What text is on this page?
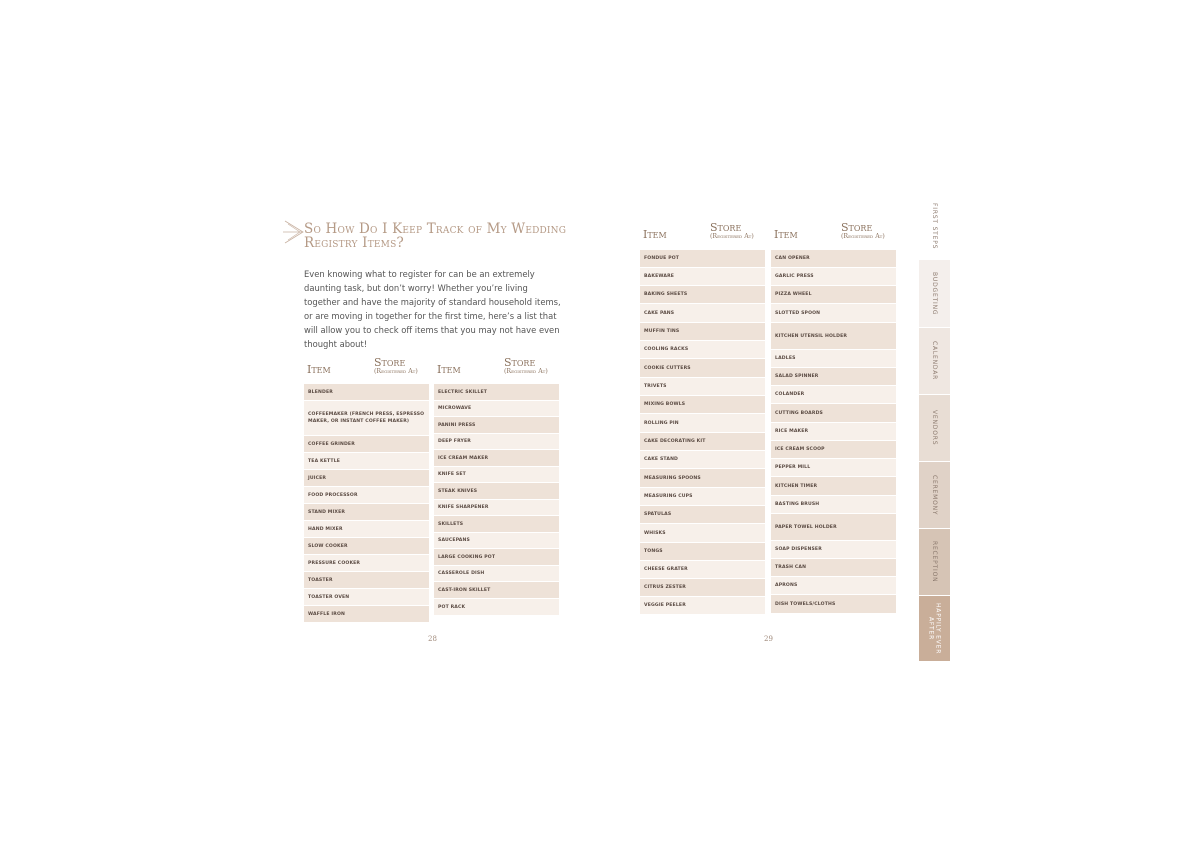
So How Do I Keep Track of My Wedding Registry Items?
Even knowing what to register for can be an extremely daunting task, but don’t worry! Whether you’re living together and have the majority of standard household items, or are moving in together for the first time, here’s a list that will allow you to check off items that you may not have even thought about!
Item
Store
(Registered At)
BLENDER
COFFEEMAKER (FRENCH PRESS, ESPRESSO MAKER, OR INSTANT COFFEE MAKER)
COFFEE GRINDER
TEA KETTLE
JUICER
FOOD PROCESSOR
STAND MIXER
HAND MIXER
SLOW COOKER
PRESSURE COOKER
TOASTER
TOASTER OVEN
WAFFLE IRON
Item
Store
(Registered At)
ELECTRIC SKILLET
MICROWAVE
PANINI PRESS
DEEP FRYER
ICE CREAM MAKER
KNIFE SET
STEAK KNIVES
KNIFE SHARPENER
SKILLETS
SAUCEPANS
LARGE COOKING POT
CASSEROLE DISH
CAST-IRON SKILLET
POT RACK
28
Item
Store
(Registered At)
FONDUE POT
BAKEWARE
BAKING SHEETS
CAKE PANS
MUFFIN TINS
COOLING RACKS
COOKIE CUTTERS
TRIVETS
MIXING BOWLS
ROLLING PIN
CAKE DECORATING KIT
CAKE STAND
MEASURING SPOONS
MEASURING CUPS
SPATULAS
WHISKS
TONGS
CHEESE GRATER
CITRUS ZESTER
VEGGIE PEELER
Item
Store
(Registered At)
CAN OPENER
GARLIC PRESS
PIZZA WHEEL
SLOTTED SPOON
KITCHEN UTENSIL HOLDER
LADLES
SALAD SPINNER
COLANDER
CUTTING BOARDS
RICE MAKER
ICE CREAM SCOOP
PEPPER MILL
KITCHEN TIMER
BASTING BRUSH
PAPER TOWEL HOLDER
SOAP DISPENSER
TRASH CAN
APRONS
DISH TOWELS/CLOTHS
29
FIRST STEPS
BUDGETING
CALENDAR
VENDORS
CEREMONY
RECEPTION
HAPPILY EVER AFTER
